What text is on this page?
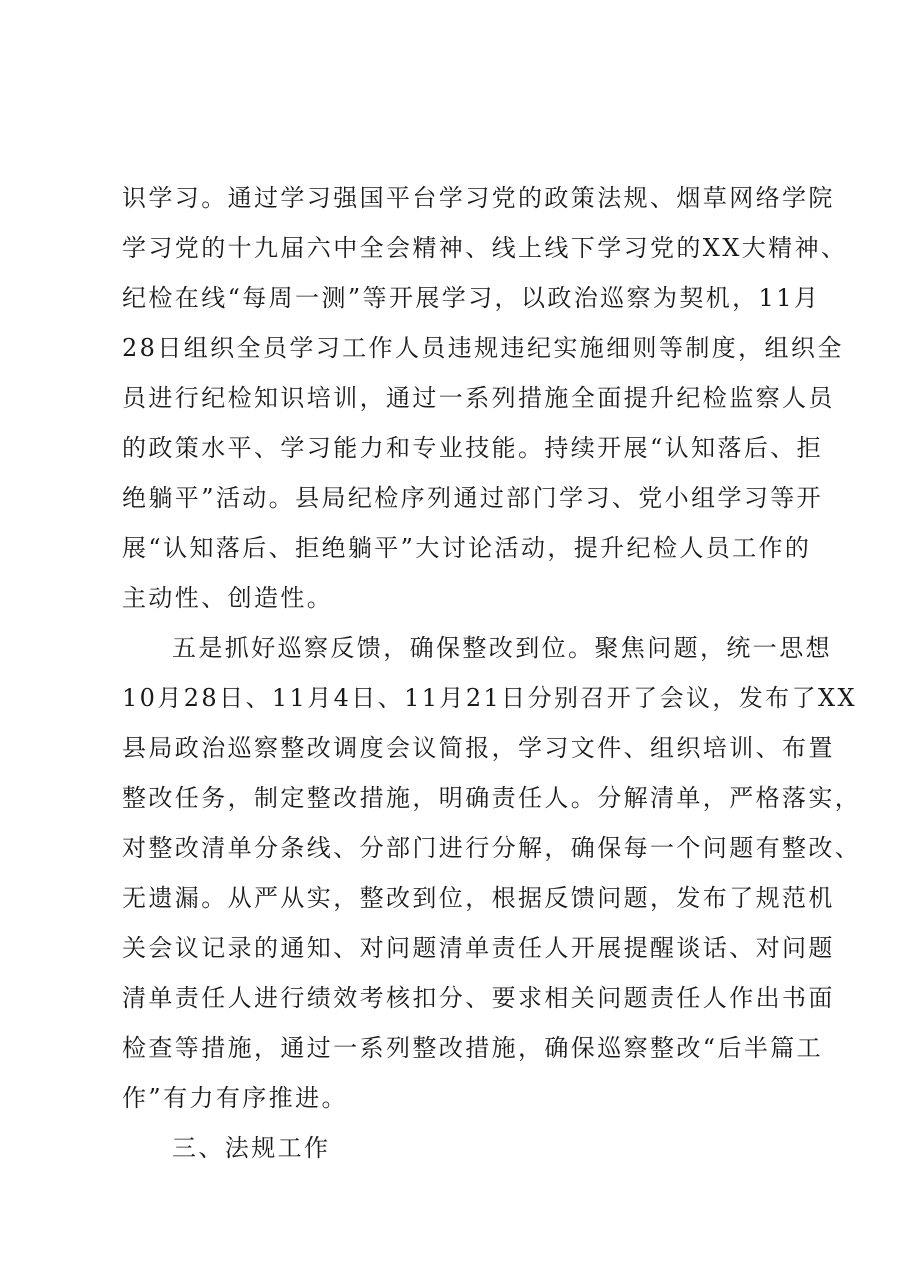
识学习。通过学习强国平台学习党的政策法规、烟草网络学院
学习党的十九届六中全会精神、线上线下学习党的XX大精神、
纪检在线“每周一测”等开展学习，以政治巡察为契机，11月
28日组织全员学习工作人员违规违纪实施细则等制度，组织全
员进行纪检知识培训，通过一系列措施全面提升纪检监察人员
的政策水平、学习能力和专业技能。持续开展“认知落后、拒
绝躺平”活动。县局纪检序列通过部门学习、党小组学习等开
展“认知落后、拒绝躺平”大讨论活动，提升纪检人员工作的
主动性、创造性。
五是抓好巡察反馈，确保整改到位。聚焦问题，统一思想
10月28日、11月4日、11月21日分别召开了会议，发布了XX
县局政治巡察整改调度会议简报，学习文件、组织培训、布置
整改任务，制定整改措施，明确责任人。分解清单，严格落实，
对整改清单分条线、分部门进行分解，确保每一个问题有整改、
无遗漏。从严从实，整改到位，根据反馈问题，发布了规范机
关会议记录的通知、对问题清单责任人开展提醒谈话、对问题
清单责任人进行绩效考核扣分、要求相关问题责任人作出书面
检查等措施，通过一系列整改措施，确保巡察整改“后半篇工
作”有力有序推进。
三、法规工作
